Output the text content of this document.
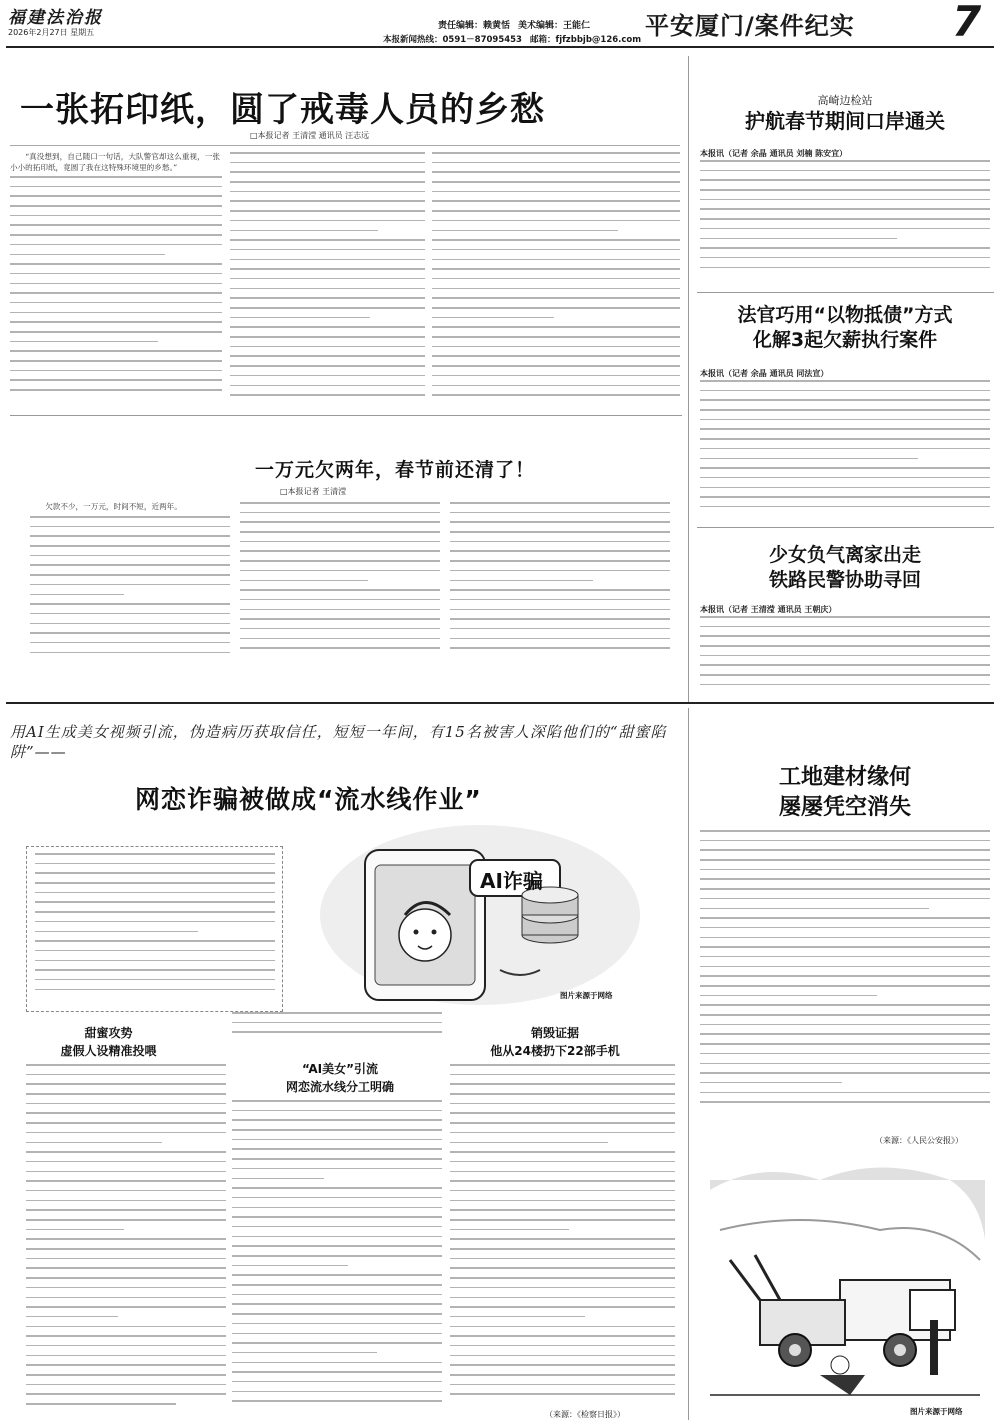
福建法治报
2026年2月27日 星期五
责任编辑：赖黄恬 美术编辑：王能仁
本报新闻热线：0591－87095453 邮箱：fjfzbbjb@126.com 平安厦门/案件纪实 7
一张拓印纸，圆了戒毒人员的乡愁
□本报记者 王清滢 通讯员 汪志远

“真没想到，自己随口一句话，大队警官却这么重视，一张小小的拓印纸，竟圆了我在这特殊环境里的乡愁。”

高崎边检站
护航春节期间口岸通关
本报讯（记者 余晶 通讯员 刘楠 陈安宜）
法官巧用“以物抵债”方式
化解3起欠薪执行案件
本报讯（记者 余晶 通讯员 同法宣）
少女负气离家出走
铁路民警协助寻回
本报讯（记者 王清滢 通讯员 王朝庆）
一万元欠两年，春节前还清了！
□本报记者 王清滢

欠款不少，一万元，时间不短，近两年。

用AI生成美女视频引流，伪造病历获取信任，短短一年间，有15名被害人深陷他们的“甜蜜陷阱”——
网恋诈骗被做成“流水线作业”
AI诈骗
图片来源于网络
甜蜜攻势
虚假人设精准投喂
“AI美女”引流
网恋流水线分工明确
销毁证据
他从24楼扔下22部手机
（来源：《检察日报》）
工地建材缘何
屡屡凭空消失
（来源：《人民公安报》）
图片来源于网络
